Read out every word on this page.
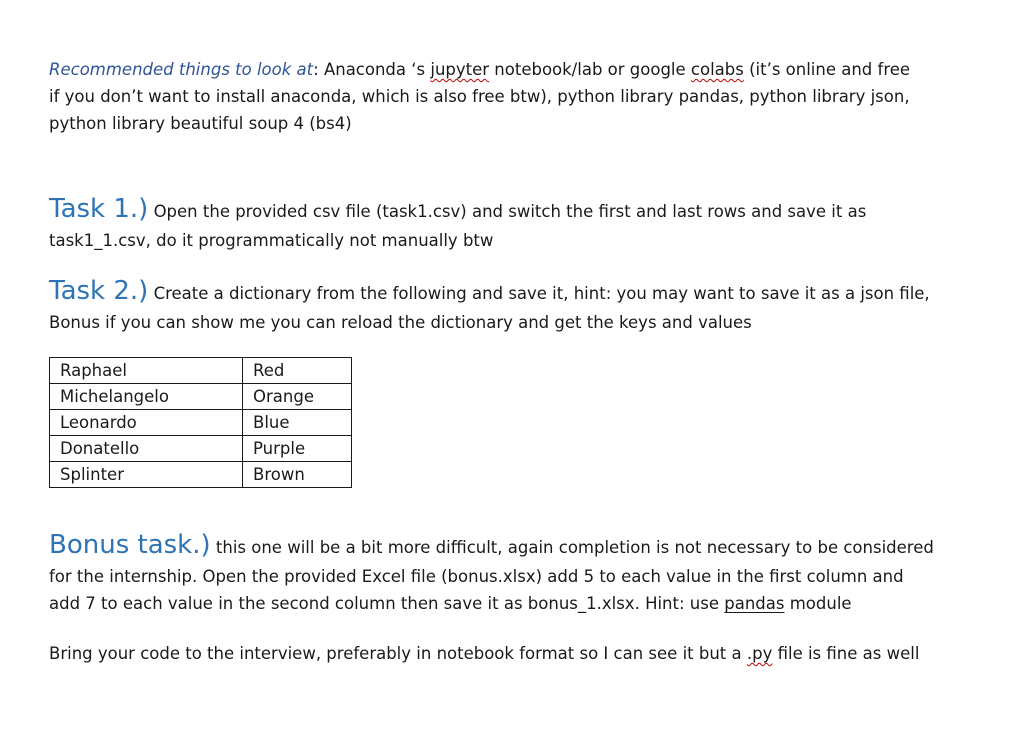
Recommended things to look at: Anaconda ‘s jupyter notebook/lab or google colabs (it’s online and free
if you don’t want to install anaconda, which is also free btw), python library pandas, python library json,
python library beautiful soup 4 (bs4)

Task 1.) Open the provided csv file (task1.csv) and switch the first and last rows and save it as

task1_1.csv, do it programmatically not manually btw

Task 2.) Create a dictionary from the following and save it, hint: you may want to save it as a json file,

Bonus if you can show me you can reload the dictionary and get the keys and values

Raphael	Red
Michelangelo	Orange
Leonardo	Blue
Donatello	Purple
Splinter	Brown

Bonus task.) this one will be a bit more difficult, again completion is not necessary to be considered

for the internship. Open the provided Excel file (bonus.xlsx) add 5 to each value in the first column and

add 7 to each value in the second column then save it as bonus_1.xlsx. Hint: use pandas module

Bring your code to the interview, preferably in notebook format so I can see it but a .py file is fine as well
